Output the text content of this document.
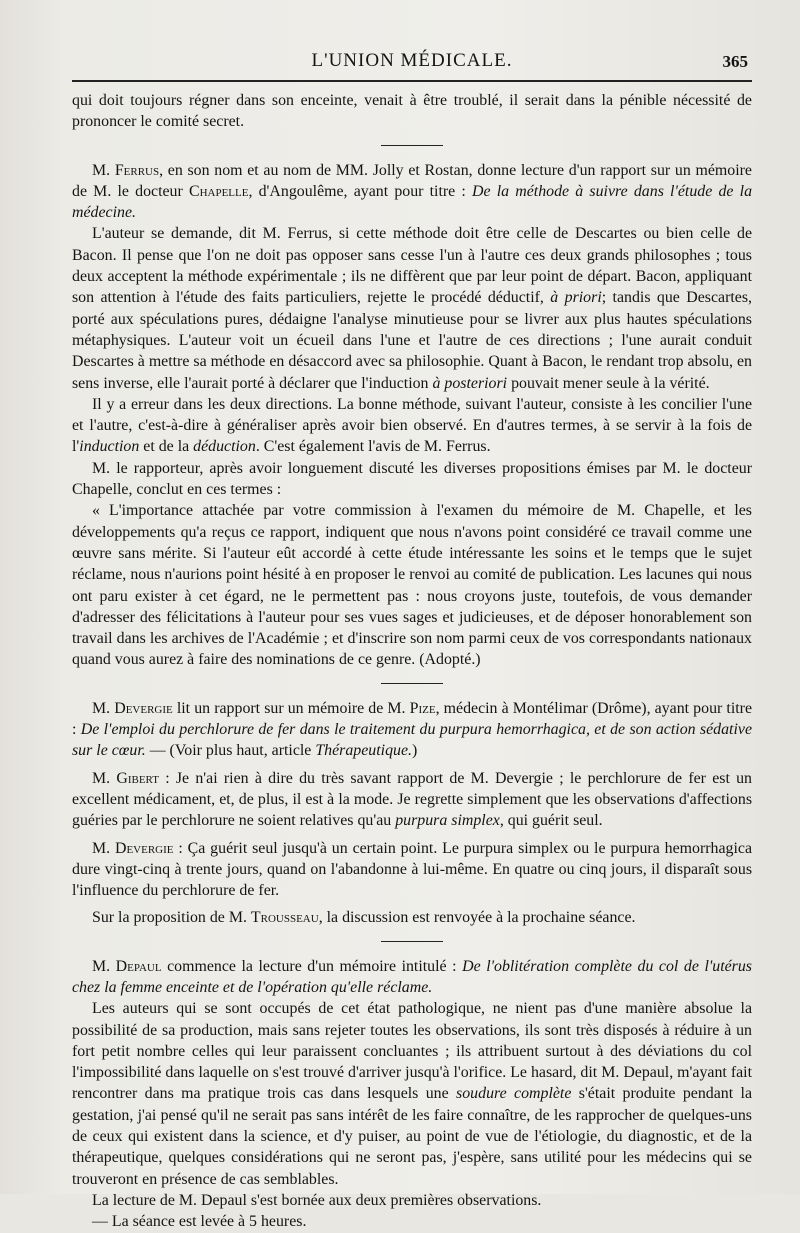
L'UNION MÉDICALE.	365

qui doit toujours régner dans son enceinte, venait à être troublé, il serait dans la pénible nécessité de prononcer le comité secret.

M. Ferrus, en son nom et au nom de MM. Jolly et Rostan, donne lecture d'un rapport sur un mémoire de M. le docteur Chapelle, d'Angoulême, ayant pour titre : De la méthode à suivre dans l'étude de la médecine.

L'auteur se demande, dit M. Ferrus, si cette méthode doit être celle de Descartes ou bien celle de Bacon. Il pense que l'on ne doit pas opposer sans cesse l'un à l'autre ces deux grands philosophes ; tous deux acceptent la méthode expérimentale ; ils ne diffèrent que par leur point de départ. Bacon, appliquant son attention à l'étude des faits particuliers, rejette le procédé déductif, à priori; tandis que Descartes, porté aux spéculations pures, dédaigne l'analyse minutieuse pour se livrer aux plus hautes spéculations métaphysiques. L'auteur voit un écueil dans l'une et l'autre de ces directions ; l'une aurait conduit Descartes à mettre sa méthode en désaccord avec sa philosophie. Quant à Bacon, le rendant trop absolu, en sens inverse, elle l'aurait porté à déclarer que l'induction à posteriori pouvait mener seule à la vérité.

Il y a erreur dans les deux directions. La bonne méthode, suivant l'auteur, consiste à les concilier l'une et l'autre, c'est-à-dire à généraliser après avoir bien observé. En d'autres termes, à se servir à la fois de l'induction et de la déduction. C'est également l'avis de M. Ferrus.

M. le rapporteur, après avoir longuement discuté les diverses propositions émises par M. le docteur Chapelle, conclut en ces termes :

« L'importance attachée par votre commission à l'examen du mémoire de M. Chapelle, et les développements qu'a reçus ce rapport, indiquent que nous n'avons point considéré ce travail comme une œuvre sans mérite. Si l'auteur eût accordé à cette étude intéressante les soins et le temps que le sujet réclame, nous n'aurions point hésité à en proposer le renvoi au comité de publication. Les lacunes qui nous ont paru exister à cet égard, ne le permettent pas : nous croyons juste, toutefois, de vous demander d'adresser des félicitations à l'auteur pour ses vues sages et judicieuses, et de déposer honorablement son travail dans les archives de l'Académie ; et d'inscrire son nom parmi ceux de vos correspondants nationaux quand vous aurez à faire des nominations de ce genre. (Adopté.)

M. Devergie lit un rapport sur un mémoire de M. Pize, médecin à Montélimar (Drôme), ayant pour titre : De l'emploi du perchlorure de fer dans le traitement du purpura hemorrhagica, et de son action sédative sur le cœur. — (Voir plus haut, article Thérapeutique.)

M. Gibert : Je n'ai rien à dire du très savant rapport de M. Devergie ; le perchlorure de fer est un excellent médicament, et, de plus, il est à la mode. Je regrette simplement que les observations d'affections guéries par le perchlorure ne soient relatives qu'au purpura simplex, qui guérit seul.

M. Devergie : Ça guérit seul jusqu'à un certain point. Le purpura simplex ou le purpura hemorrhagica dure vingt-cinq à trente jours, quand on l'abandonne à lui-même. En quatre ou cinq jours, il disparaît sous l'influence du perchlorure de fer.

Sur la proposition de M. Trousseau, la discussion est renvoyée à la prochaine séance.

M. Depaul commence la lecture d'un mémoire intitulé : De l'oblitération complète du col de l'utérus chez la femme enceinte et de l'opération qu'elle réclame.

Les auteurs qui se sont occupés de cet état pathologique, ne nient pas d'une manière absolue la possibilité de sa production, mais sans rejeter toutes les observations, ils sont très disposés à réduire à un fort petit nombre celles qui leur paraissent concluantes ; ils attribuent surtout à des déviations du col l'impossibilité dans laquelle on s'est trouvé d'arriver jusqu'à l'orifice. Le hasard, dit M. Depaul, m'ayant fait rencontrer dans ma pratique trois cas dans lesquels une soudure complète s'était produite pendant la gestation, j'ai pensé qu'il ne serait pas sans intérêt de les faire connaître, de les rapprocher de quelques-uns de ceux qui existent dans la science, et d'y puiser, au point de vue de l'étiologie, du diagnostic, et de la thérapeutique, quelques considérations qui ne seront pas, j'espère, sans utilité pour les médecins qui se trouveront en présence de cas semblables.

La lecture de M. Depaul s'est bornée aux deux premières observations.

— La séance est levée à 5 heures.
